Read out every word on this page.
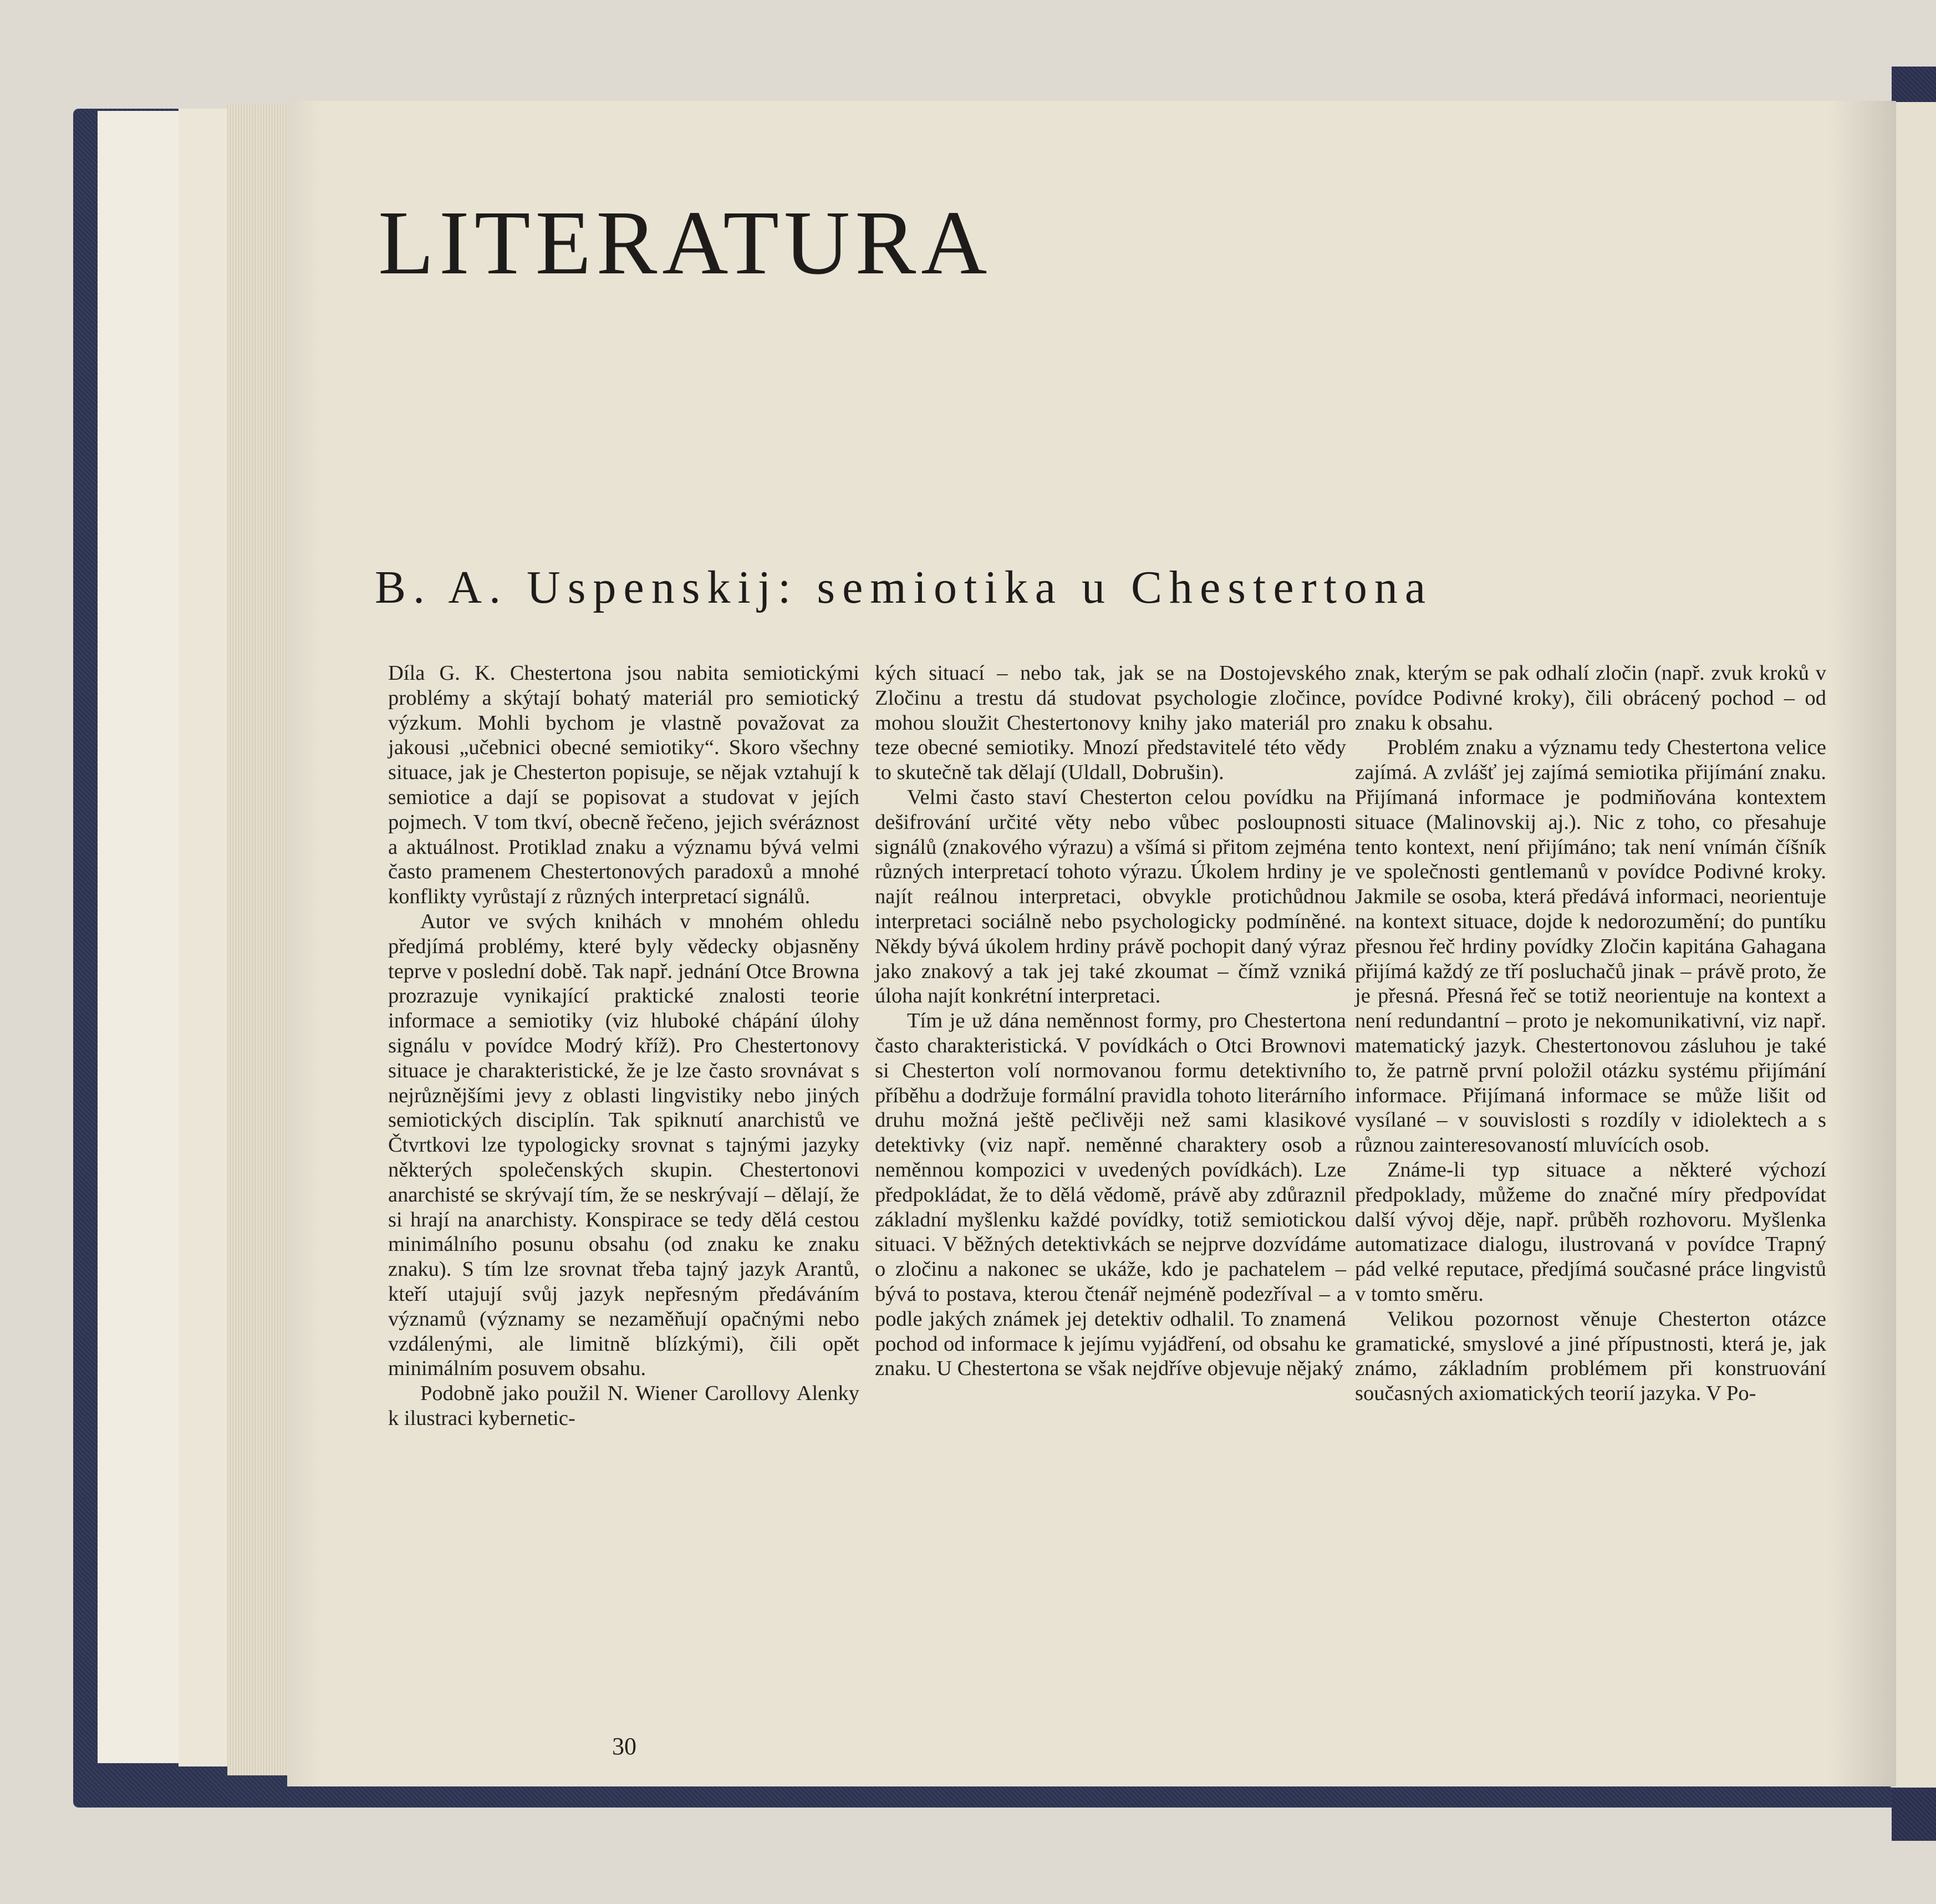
LITERATURA
B. A. Uspenskij: semiotika u Chestertona

Díla G. K. Chestertona jsou nabita semiotickými problémy a skýtají bohatý materiál pro semiotický výzkum. Mohli bychom je vlastně považovat za jakousi „učebnici obecné semiotiky“. Skoro všechny situace, jak je Chesterton popisuje, se nějak vztahují k semiotice a dají se popisovat a studovat v jejích pojmech. V tom tkví, obecně řečeno, jejich svéráznost a aktuálnost. Protiklad znaku a významu bývá velmi často pramenem Chestertonových paradoxů a mnohé konflikty vyrůstají z různých interpretací signálů.

Autor ve svých knihách v mnohém ohledu předjímá problémy, které byly vědecky objasněny teprve v poslední době. Tak např. jednání Otce Browna prozrazuje vynikající praktické znalosti teorie informace a semiotiky (viz hluboké chápání úlohy signálu v povídce Modrý kříž). Pro Chestertonovy situace je charakteristické, že je lze často srovnávat s nejrůznějšími jevy z oblasti lingvistiky nebo jiných semiotických disciplín. Tak spiknutí anarchistů ve Čtvrtkovi lze typologicky srovnat s tajnými jazyky některých společenských skupin. Chestertonovi anarchisté se skrývají tím, že se neskrývají – dělají, že si hrají na anarchisty. Konspirace se tedy dělá cestou minimálního posunu obsahu (od znaku ke znaku znaku). S tím lze srovnat třeba tajný jazyk Arantů, kteří utajují svůj jazyk nepřesným předáváním významů (významy se nezaměňují opačnými nebo vzdálenými, ale limitně blízkými), čili opět minimálním posuvem obsahu.

Podobně jako použil N. Wiener Carollovy Alenky k ilustraci kybernetic-

kých situací – nebo tak, jak se na Dostojevského Zločinu a trestu dá studovat psychologie zločince, mohou sloužit Chestertonovy knihy jako materiál pro teze obecné semiotiky. Mnozí představitelé této vědy to skutečně tak dělají (Uldall, Dobrušin).

Velmi často staví Chesterton celou povídku na dešifrování určité věty nebo vůbec posloupnosti signálů (znakového výrazu) a všímá si přitom zejména různých interpretací tohoto výrazu. Úkolem hrdiny je najít reálnou interpretaci, obvykle protichůdnou interpretaci sociálně nebo psychologicky podmíněné. Někdy bývá úkolem hrdiny právě pochopit daný výraz jako znakový a tak jej také zkoumat – čímž vzniká úloha najít konkrétní interpretaci.

Tím je už dána neměnnost formy, pro Chestertona často charakteristická. V povídkách o Otci Brownovi si Chesterton volí normovanou formu detektivního příběhu a dodržuje formální pravidla tohoto literárního druhu možná ještě pečlivěji než sami klasikové detektivky (viz např. neměnné charaktery osob a neměnnou kompozici v uvedených povídkách). Lze předpokládat, že to dělá vědomě, právě aby zdůraznil základní myšlenku každé povídky, totiž semiotickou situaci. V běžných detektivkách se nejprve dozvídáme o zločinu a nakonec se ukáže, kdo je pachatelem – bývá to postava, kterou čtenář nejméně podezříval – a podle jakých známek jej detektiv odhalil. To znamená pochod od informace k jejímu vyjádření, od obsahu ke znaku. U Chestertona se však nejdříve objevuje nějaký

znak, kterým se pak odhalí zločin (např. zvuk kroků v povídce Podivné kroky), čili obrácený pochod – od znaku k obsahu.

Problém znaku a významu tedy Chestertona velice zajímá. A zvlášť jej zajímá semiotika přijímání znaku. Přijímaná informace je podmiňována kontextem situace (Malinovskij aj.). Nic z toho, co přesahuje tento kontext, není přijímáno; tak není vnímán číšník ve společnosti gentlemanů v povídce Podivné kroky. Jakmile se osoba, která předává informaci, neorientuje na kontext situace, dojde k nedorozumění; do puntíku přesnou řeč hrdiny povídky Zločin kapitána Gahagana přijímá každý ze tří posluchačů jinak – právě proto, že je přesná. Přesná řeč se totiž neorientuje na kontext a není redundantní – proto je nekomunikativní, viz např. matematický jazyk. Chestertonovou zásluhou je také to, že patrně první položil otázku systému přijímání informace. Přijímaná informace se může lišit od vysílané – v souvislosti s rozdíly v idiolektech a s různou zainteresovaností mluvících osob.

Známe-li typ situace a některé výchozí předpoklady, můžeme do značné míry předpovídat další vývoj děje, např. průběh rozhovoru. Myšlenka automatizace dialogu, ilustrovaná v povídce Trapný pád velké reputace, předjímá současné práce lingvistů v tomto směru.

Velikou pozornost věnuje Chesterton otázce gramatické, smyslové a jiné přípustnosti, která je, jak známo, základním problémem při konstruování současných axiomatických teorií jazyka. V Po-

30
